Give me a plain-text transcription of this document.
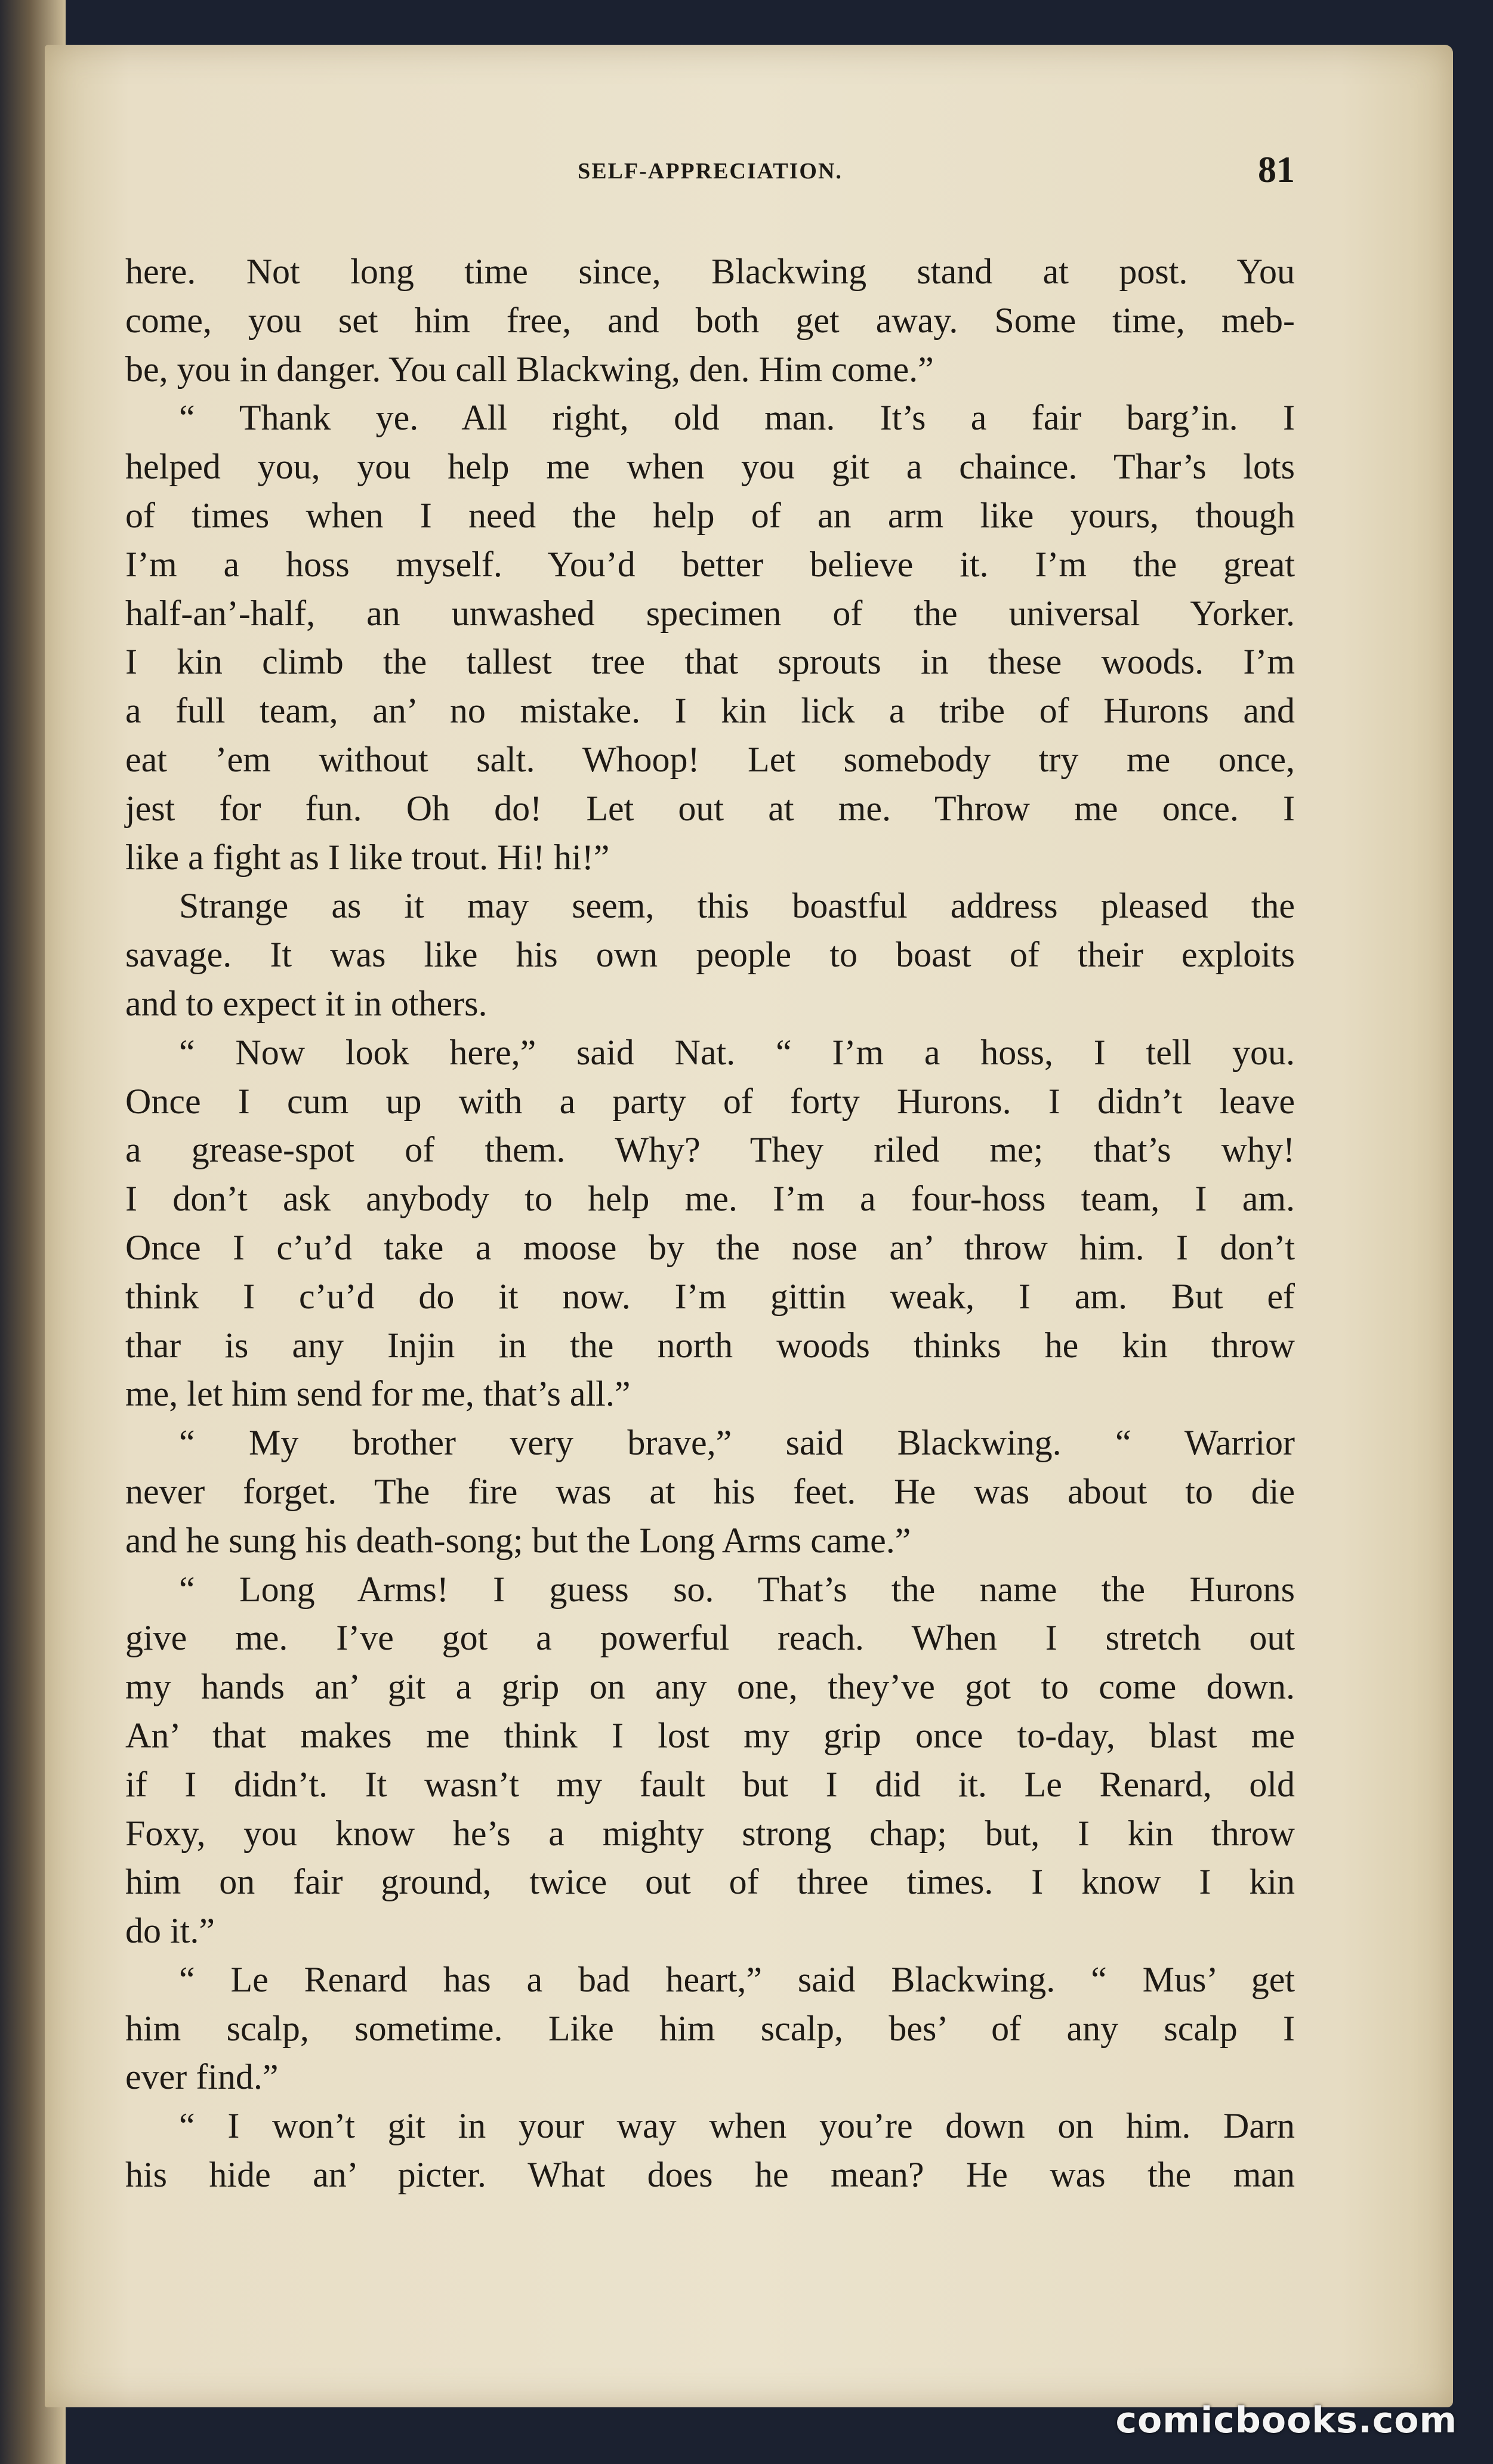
SELF-APPRECIATION.	81
here. Not long time since, Blackwing stand at post. You
come, you set him free, and both get away. Some time, meb-
be, you in danger. You call Blackwing, den. Him come.”
“ Thank ye. All right, old man. It’s a fair barg’in. I
helped you, you help me when you git a chaince. Thar’s lots
of times when I need the help of an arm like yours, though
I’m a hoss myself. You’d better believe it. I’m the great
half-an’-half, an unwashed specimen of the universal Yorker.
I kin climb the tallest tree that sprouts in these woods. I’m
a full team, an’ no mistake. I kin lick a tribe of Hurons and
eat ’em without salt. Whoop! Let somebody try me once,
jest for fun. Oh do! Let out at me. Throw me once. I
like a fight as I like trout. Hi! hi!”
Strange as it may seem, this boastful address pleased the
savage. It was like his own people to boast of their exploits
and to expect it in others.
“ Now look here,” said Nat. “ I’m a hoss, I tell you.
Once I cum up with a party of forty Hurons. I didn’t leave
a grease-spot of them. Why? They riled me; that’s why!
I don’t ask anybody to help me. I’m a four-hoss team, I am.
Once I c’u’d take a moose by the nose an’ throw him. I don’t
think I c’u’d do it now. I’m gittin weak, I am. But ef
thar is any Injin in the north woods thinks he kin throw
me, let him send for me, that’s all.”
“ My brother very brave,” said Blackwing. “ Warrior
never forget. The fire was at his feet. He was about to die
and he sung his death-song; but the Long Arms came.”
“ Long Arms! I guess so. That’s the name the Hurons
give me. I’ve got a powerful reach. When I stretch out
my hands an’ git a grip on any one, they’ve got to come down.
An’ that makes me think I lost my grip once to-day, blast me
if I didn’t. It wasn’t my fault but I did it. Le Renard, old
Foxy, you know he’s a mighty strong chap; but, I kin throw
him on fair ground, twice out of three times. I know I kin
do it.”
“ Le Renard has a bad heart,” said Blackwing. “ Mus’ get
him scalp, sometime. Like him scalp, bes’ of any scalp I
ever find.”
“ I won’t git in your way when you’re down on him. Darn
his hide an’ picter. What does he mean? He was the man
comicbooks.com
